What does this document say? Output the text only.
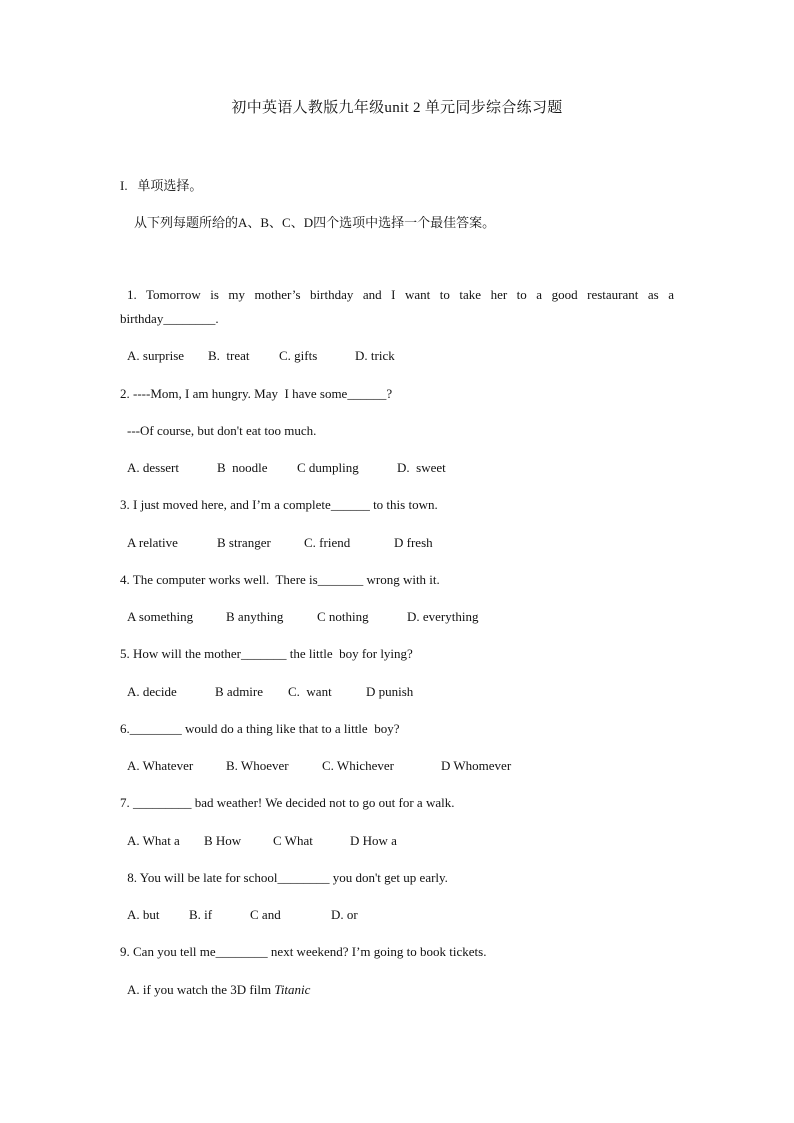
初中英语人教版九年级unit 2 单元同步综合练习题
I.   单项选择。
从下列每题所给的A、B、C、D四个选项中选择一个最佳答案。
1. Tomorrow is my mother’s birthday and I want to take her to a good restaurant as a
birthday________.
A. surprise B.  treat C. gifts	D. trick
2. ----Mom, I am hungry. May  I have some______?
---Of course, but don't eat too much.
A. dessert	B  noodle C dumpling	D.  sweet
3. I just moved here, and I’m a complete______ to this town.
A relative	B stranger	C. friend	D fresh
4. The computer works well.  There is_______ wrong with it.
A something	B anything	C nothing	D. everything
5. How will the mother_______ the little  boy for lying?
A. decide	B admire C.  want	D punish
6.________ would do a thing like that to a little  boy?
A. Whatever	B. Whoever	C. Whichever	D Whomever
7. _________ bad weather! We decided not to go out for a walk.
A. What a B How C What	D How a
8. You will be late for school________ you don't get up early.
A. but B. if	C and	D. or
9. Can you tell me________ next weekend? I’m going to book tickets.
A. if you watch the 3D film Titanic
